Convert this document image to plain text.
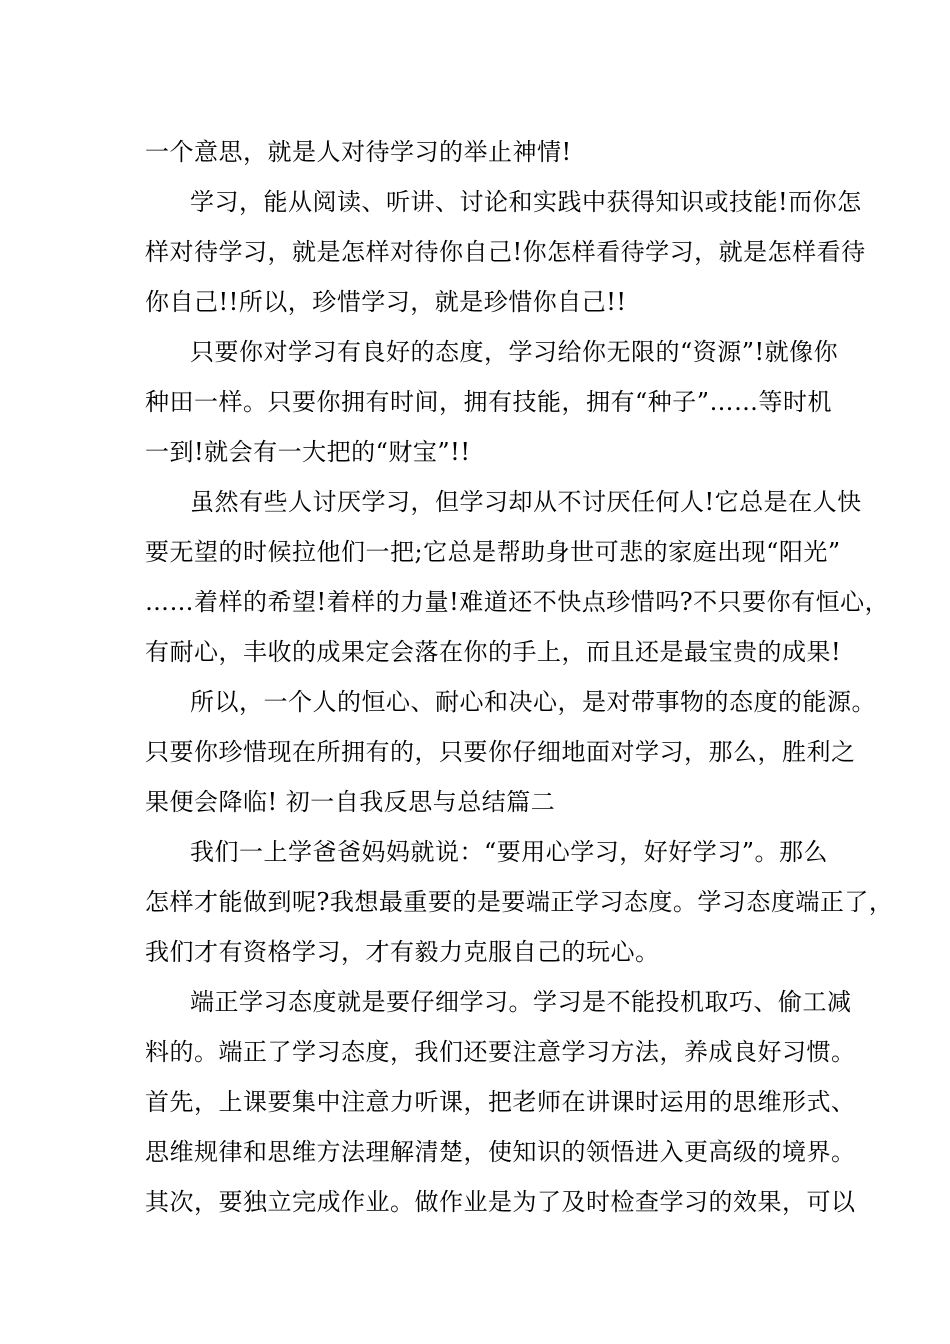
一个意思，就是人对待学习的举止神情!
学习，能从阅读、听讲、讨论和实践中获得知识或技能!而你怎
样对待学习，就是怎样对待你自己!你怎样看待学习，就是怎样看待
你自己!!所以，珍惜学习，就是珍惜你自己!!
只要你对学习有良好的态度，学习给你无限的“资源”!就像你
种田一样。只要你拥有时间，拥有技能，拥有“种子”……等时机
一到!就会有一大把的“财宝”!!
虽然有些人讨厌学习，但学习却从不讨厌任何人!它总是在人快
要无望的时候拉他们一把;它总是帮助身世可悲的家庭出现“阳光”
……着样的希望!着样的力量!难道还不快点珍惜吗?不只要你有恒心，
有耐心，丰收的成果定会落在你的手上，而且还是最宝贵的成果!
所以，一个人的恒心、耐心和决心，是对带事物的态度的能源。
只要你珍惜现在所拥有的，只要你仔细地面对学习，那么，胜利之
果便会降临! 初一自我反思与总结篇二
我们一上学爸爸妈妈就说：“要用心学习，好好学习”。那么
怎样才能做到呢?我想最重要的是要端正学习态度。学习态度端正了，
我们才有资格学习，才有毅力克服自己的玩心。
端正学习态度就是要仔细学习。学习是不能投机取巧、偷工减
料的。端正了学习态度，我们还要注意学习方法，养成良好习惯。
首先，上课要集中注意力听课，把老师在讲课时运用的思维形式、
思维规律和思维方法理解清楚，使知识的领悟进入更高级的境界。
其次，要独立完成作业。做作业是为了及时检查学习的效果，可以
